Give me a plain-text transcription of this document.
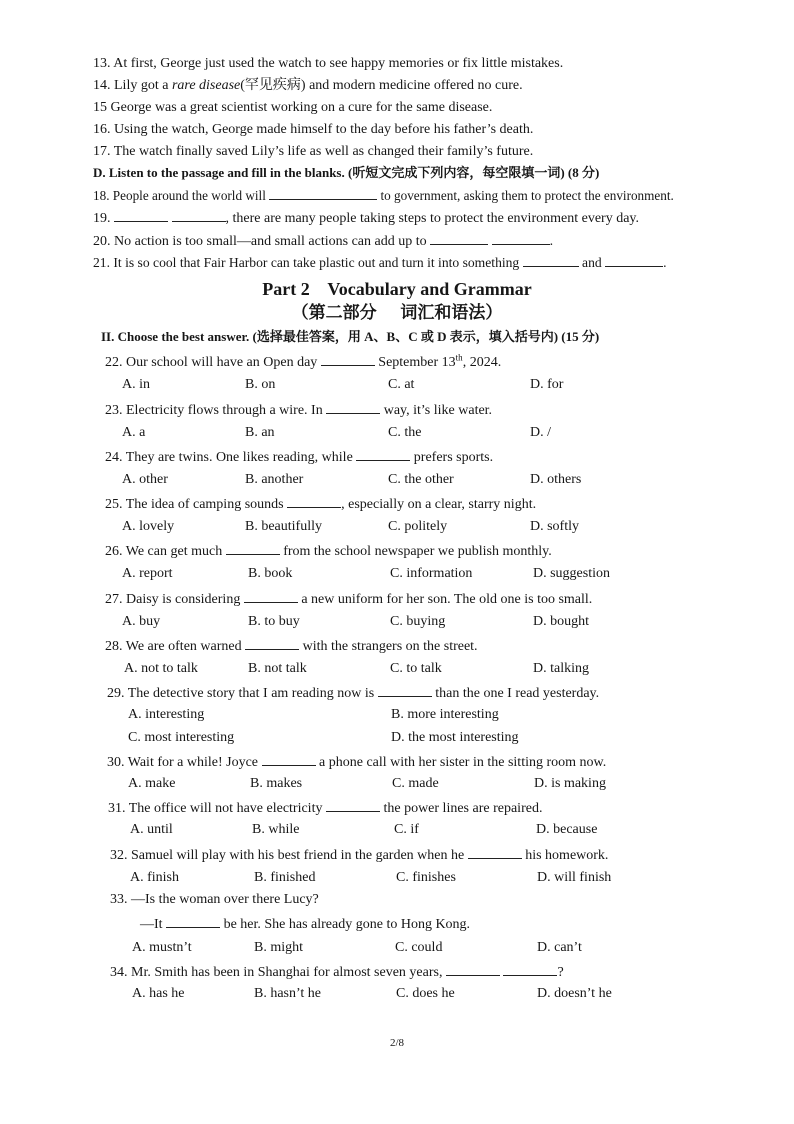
13. At first, George just used the watch to see happy memories or fix little mistakes.
14. Lily got a rare disease(罕见疾病) and modern medicine offered no cure.
15 George was a great scientist working on a cure for the same disease.
16. Using the watch, George made himself to the day before his father’s death.
17. The watch finally saved Lily’s life as well as changed their family’s future.
D. Listen to the passage and fill in the blanks. (听短文完成下列内容，每空限填一词) (8 分)
18. People around the world will	to government, asking them to protect the environment.
19.	, there are many people taking steps to protect the environment every day.
20. No action is too small—and small actions can add up to	.
21. It is so cool that Fair Harbor can take plastic out and turn it into something	and	.
Part 2    Vocabulary and Grammar
（第二部分    词汇和语法）
II. Choose the best answer. (选择最佳答案，用 A、B、C 或 D 表示，填入括号内) (15 分)
22. Our school will have an Open day	September 13th, 2024.
A. in	B. on	C. at	D. for
23. Electricity flows through a wire. In	way, it’s like water.
A. a	B. an	C. the	D. /
24. They are twins. One likes reading, while	prefers sports.
A. other	B. another	C. the other	D. others
25. The idea of camping sounds	, especially on a clear, starry night.
A. lovely	B. beautifully	C. politely	D. softly
26. We can get much	from the school newspaper we publish monthly.
A. report	B. book	C. information	D. suggestion
27. Daisy is considering	a new uniform for her son. The old one is too small.
A. buy	B. to buy	C. buying	D. bought
28. We are often warned	with the strangers on the street.
A. not to talk	B. not talk	C. to talk	D. talking
29. The detective story that I am reading now is	than the one I read yesterday.
A. interesting	B. more interesting
C. most interesting	D. the most interesting
30. Wait for a while! Joyce	a phone call with her sister in the sitting room now.
A. make	B. makes	C. made	D. is making
31. The office will not have electricity	the power lines are repaired.
A. until	B. while	C. if	D. because
32. Samuel will play with his best friend in the garden when he	his homework.
A. finish	B. finished	C. finishes	D. will finish
33. —Is the woman over there Lucy?
—It	be her. She has already gone to Hong Kong.
A. mustn’t	B. might	C. could	D. can’t
34. Mr. Smith has been in Shanghai for almost seven years,	?
A. has he	B. hasn’t he	C. does he	D. doesn’t he
2/8
